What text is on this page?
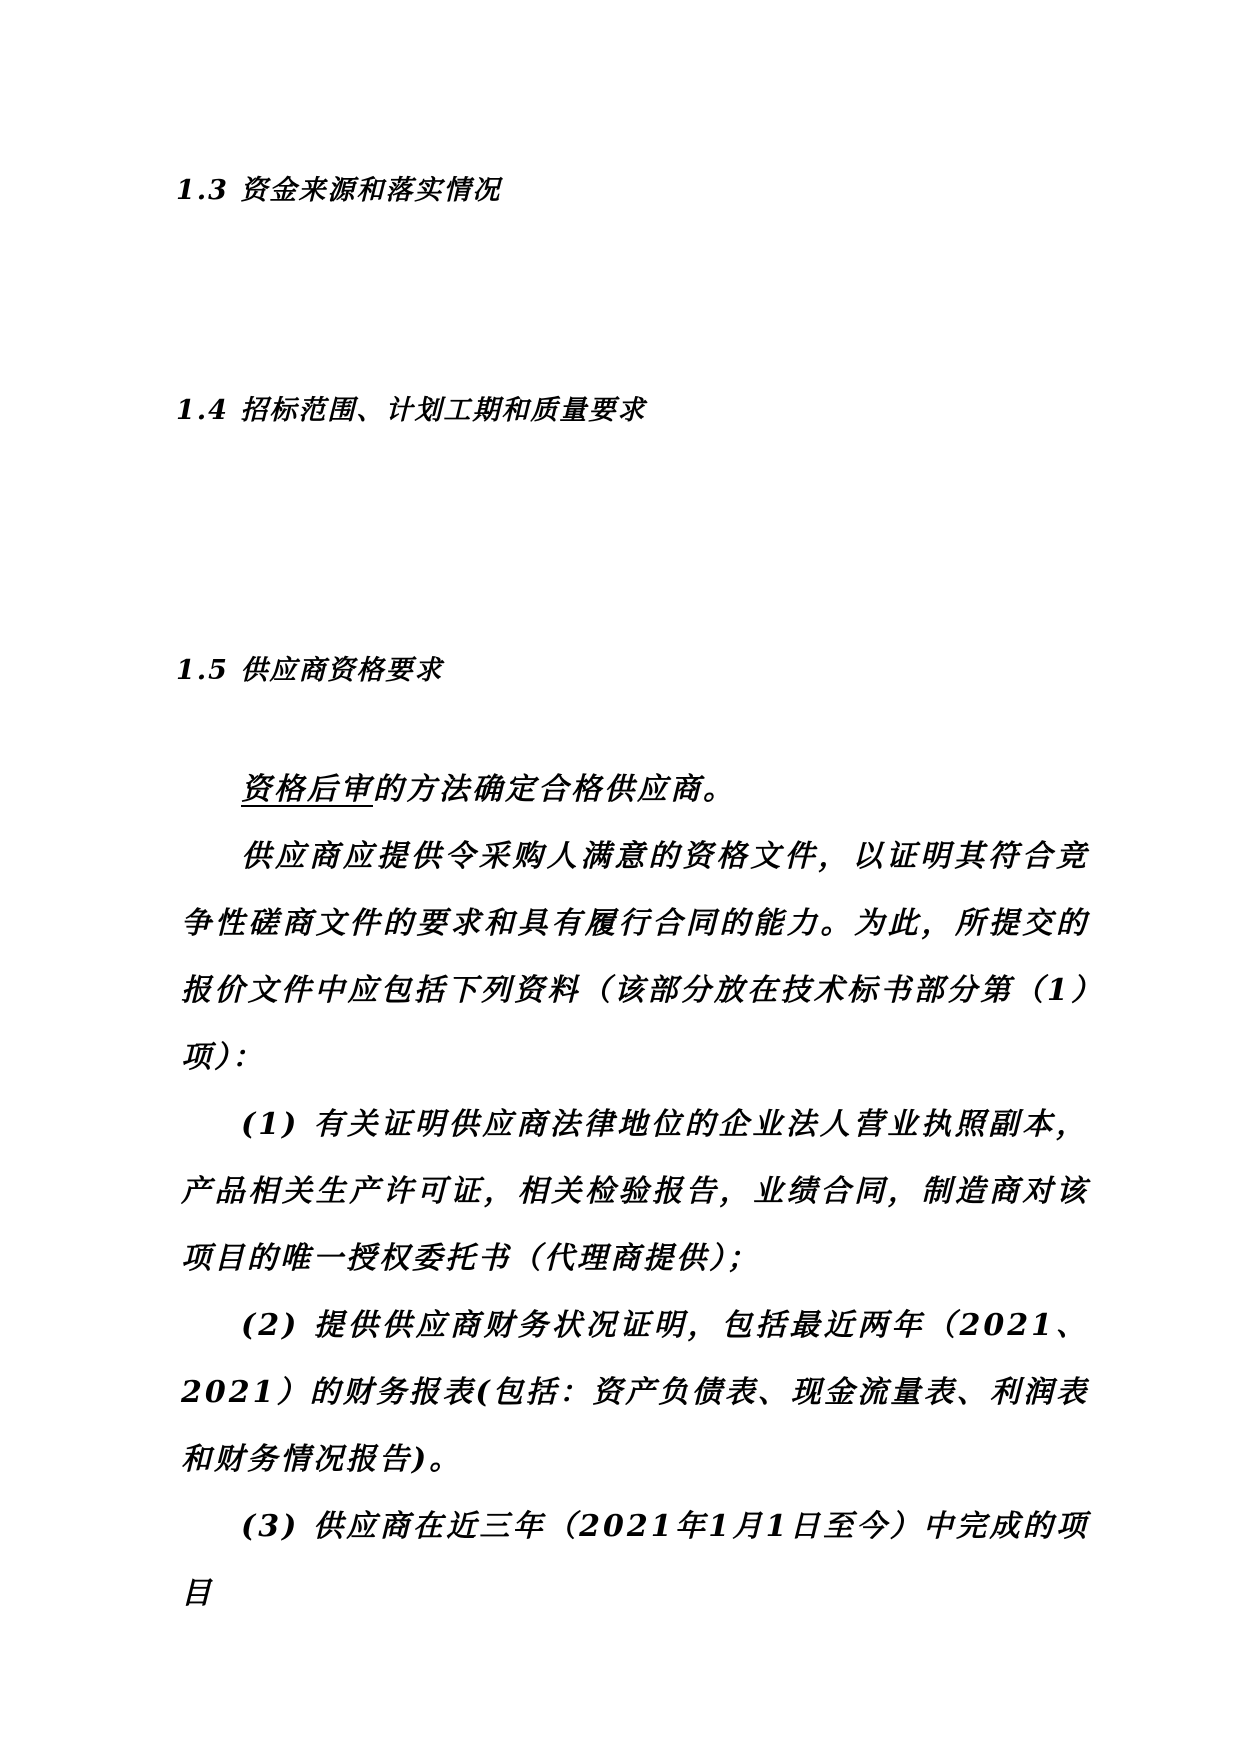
1.3 资金来源和落实情况
1.4 招标范围、计划工期和质量要求
1.5 供应商资格要求

资格后审的方法确定合格供应商。

供应商应提供令采购人满意的资格文件，以证明其符合竞争性磋商文件的要求和具有履行合同的能力。为此，所提交的报价文件中应包括下列资料（该部分放在技术标书部分第（1）项）：

(1) 有关证明供应商法律地位的企业法人营业执照副本，产品相关生产许可证，相关检验报告，业绩合同，制造商对该项目的唯一授权委托书（代理商提供）；

(2) 提供供应商财务状况证明，包括最近两年（2021、2021）的财务报表(包括：资产负债表、现金流量表、利润表和财务情况报告)。

(3) 供应商在近三年（2021年1月1日至今）中完成的项目
